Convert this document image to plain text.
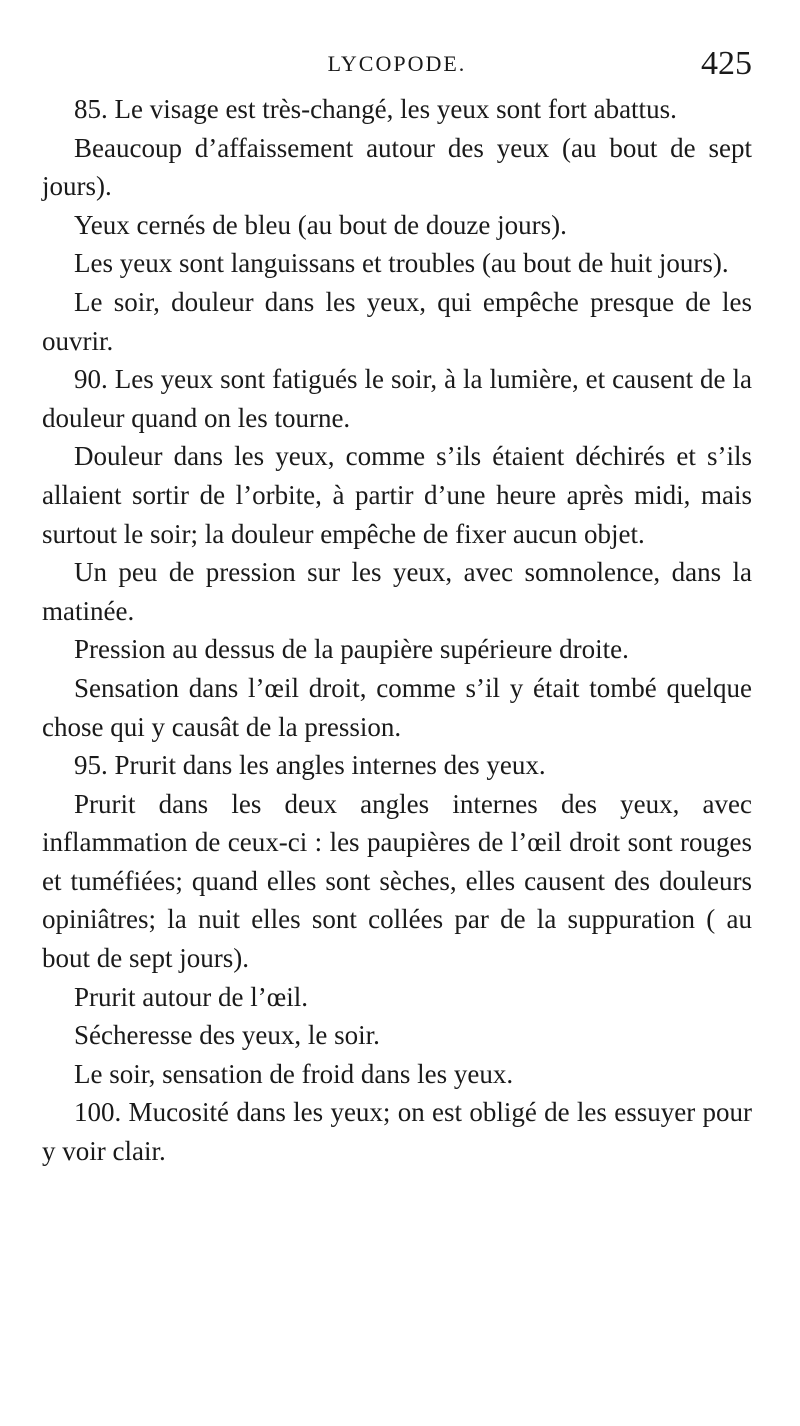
LYCOPODE.	425

85. Le visage est très-changé, les yeux sont fort abattus.

Beaucoup d’affaissement autour des yeux (au bout de sept jours).

Yeux cernés de bleu (au bout de douze jours).

Les yeux sont languissans et troubles (au bout de huit jours).

Le soir, douleur dans les yeux, qui empêche presque de les ouvrir.

90. Les yeux sont fatigués le soir, à la lumière, et causent de la douleur quand on les tourne.

Douleur dans les yeux, comme s’ils étaient déchirés et s’ils allaient sortir de l’orbite, à partir d’une heure après midi, mais surtout le soir; la douleur empêche de fixer aucun objet.

Un peu de pression sur les yeux, avec somnolence, dans la matinée.

Pression au dessus de la paupière supérieure droite.

Sensation dans l’œil droit, comme s’il y était tombé quelque chose qui y causât de la pression.

95. Prurit dans les angles internes des yeux.

Prurit dans les deux angles internes des yeux, avec inflammation de ceux-ci : les paupières de l’œil droit sont rouges et tuméfiées; quand elles sont sèches, elles causent des douleurs opiniâtres; la nuit elles sont collées par de la suppuration ( au bout de sept jours).

Prurit autour de l’œil.

Sécheresse des yeux, le soir.

Le soir, sensation de froid dans les yeux.

100. Mucosité dans les yeux; on est obligé de les essuyer pour y voir clair.
